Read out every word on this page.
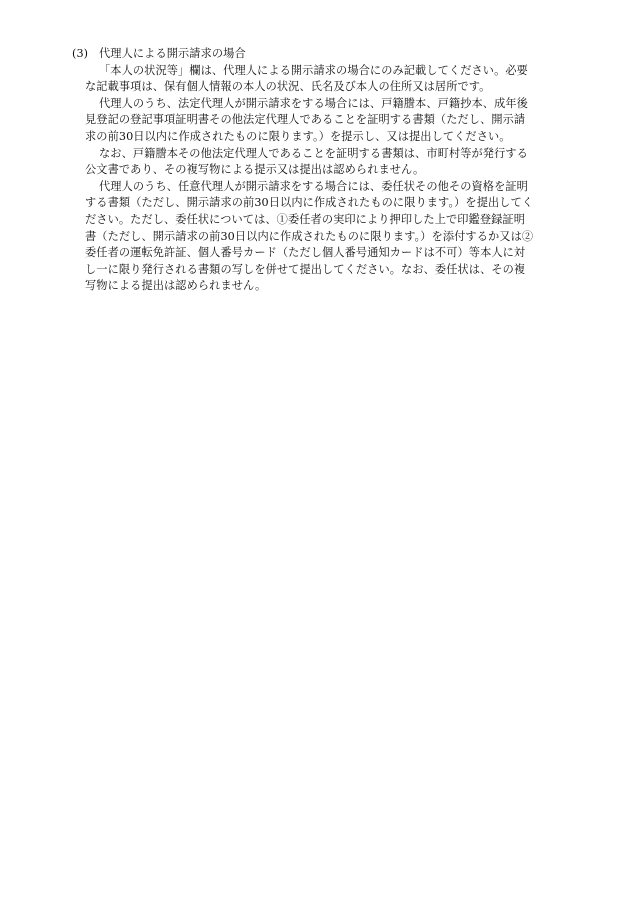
(3) 代理人による開示請求の場合

「本人の状況等」欄は、代理人による開示請求の場合にのみ記載してください。必要
な記載事項は、保有個人情報の本人の状況、氏名及び本人の住所又は居所です。

代理人のうち、法定代理人が開示請求をする場合には、戸籍謄本、戸籍抄本、成年後
見登記の登記事項証明書その他法定代理人であることを証明する書類（ただし、開示請
求の前30日以内に作成されたものに限ります。）を提示し、又は提出してください。

なお、戸籍謄本その他法定代理人であることを証明する書類は、市町村等が発行する
公文書であり、その複写物による提示又は提出は認められません。

代理人のうち、任意代理人が開示請求をする場合には、委任状その他その資格を証明
する書類（ただし、開示請求の前30日以内に作成されたものに限ります。）を提出してく
ださい。ただし、委任状については、①委任者の実印により押印した上で印鑑登録証明
書（ただし、開示請求の前30日以内に作成されたものに限ります。）を添付するか又は②
委任者の運転免許証、個人番号カード（ただし個人番号通知カードは不可）等本人に対
し一に限り発行される書類の写しを併せて提出してください。なお、委任状は、その複
写物による提出は認められません。
